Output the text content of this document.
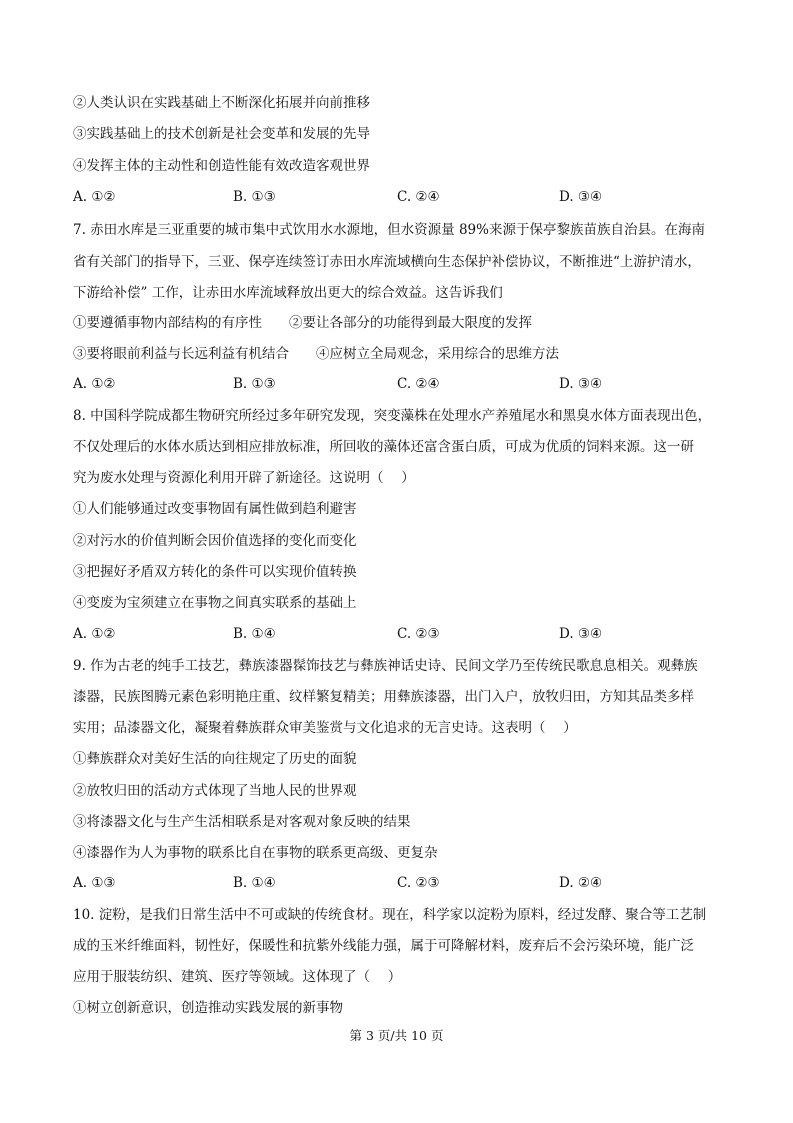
②人类认识在实践基础上不断深化拓展并向前推移
③实践基础上的技术创新是社会变革和发展的先导
④发挥主体的主动性和创造性能有效改造客观世界
A. ①②	B. ①③	C. ②④	D. ③④
7. 赤田水库是三亚重要的城市集中式饮用水水源地，但水资源量 89%来源于保亭黎族苗族自治县。在海南
省有关部门的指导下，三亚、保亭连续签订赤田水库流域横向生态保护补偿协议，不断推进“上游护清水，
下游给补偿” 工作，让赤田水库流域释放出更大的综合效益。这告诉我们
①要遵循事物内部结构的有序性　　②要让各部分的功能得到最大限度的发挥
③要将眼前利益与长远利益有机结合　　④应树立全局观念，采用综合的思维方法
A. ①②	B. ①③	C. ②④	D. ③④
8. 中国科学院成都生物研究所经过多年研究发现，突变藻株在处理水产养殖尾水和黑臭水体方面表现出色，
不仅处理后的水体水质达到相应排放标准，所回收的藻体还富含蛋白质，可成为优质的饲料来源。这一研
究为废水处理与资源化利用开辟了新途径。这说明（　 ）
①人们能够通过改变事物固有属性做到趋利避害
②对污水的价值判断会因价值选择的变化而变化
③把握好矛盾双方转化的条件可以实现价值转换
④变废为宝须建立在事物之间真实联系的基础上
A. ①②	B. ①④	C. ②③	D. ③④
9. 作为古老的纯手工技艺，彝族漆器髹饰技艺与彝族神话史诗、民间文学乃至传统民歌息息相关。观彝族
漆器，民族图腾元素色彩明艳庄重、纹样繁复精美；用彝族漆器，出门入户，放牧归田，方知其品类多样
实用；品漆器文化，凝聚着彝族群众审美鉴赏与文化追求的无言史诗。这表明（　 ）
①彝族群众对美好生活的向往规定了历史的面貌
②放牧归田的活动方式体现了当地人民的世界观
③将漆器文化与生产生活相联系是对客观对象反映的结果
④漆器作为人为事物的联系比自在事物的联系更高级、更复杂
A. ①③	B. ①④	C. ②③	D. ②④
10. 淀粉，是我们日常生活中不可或缺的传统食材。现在，科学家以淀粉为原料，经过发酵、聚合等工艺制
成的玉米纤维面料，韧性好，保暖性和抗紫外线能力强，属于可降解材料，废弃后不会污染环境，能广泛
应用于服装纺织、建筑、医疗等领域。这体现了（　 ）
①树立创新意识，创造推动实践发展的新事物
第 3 页/共 10 页
